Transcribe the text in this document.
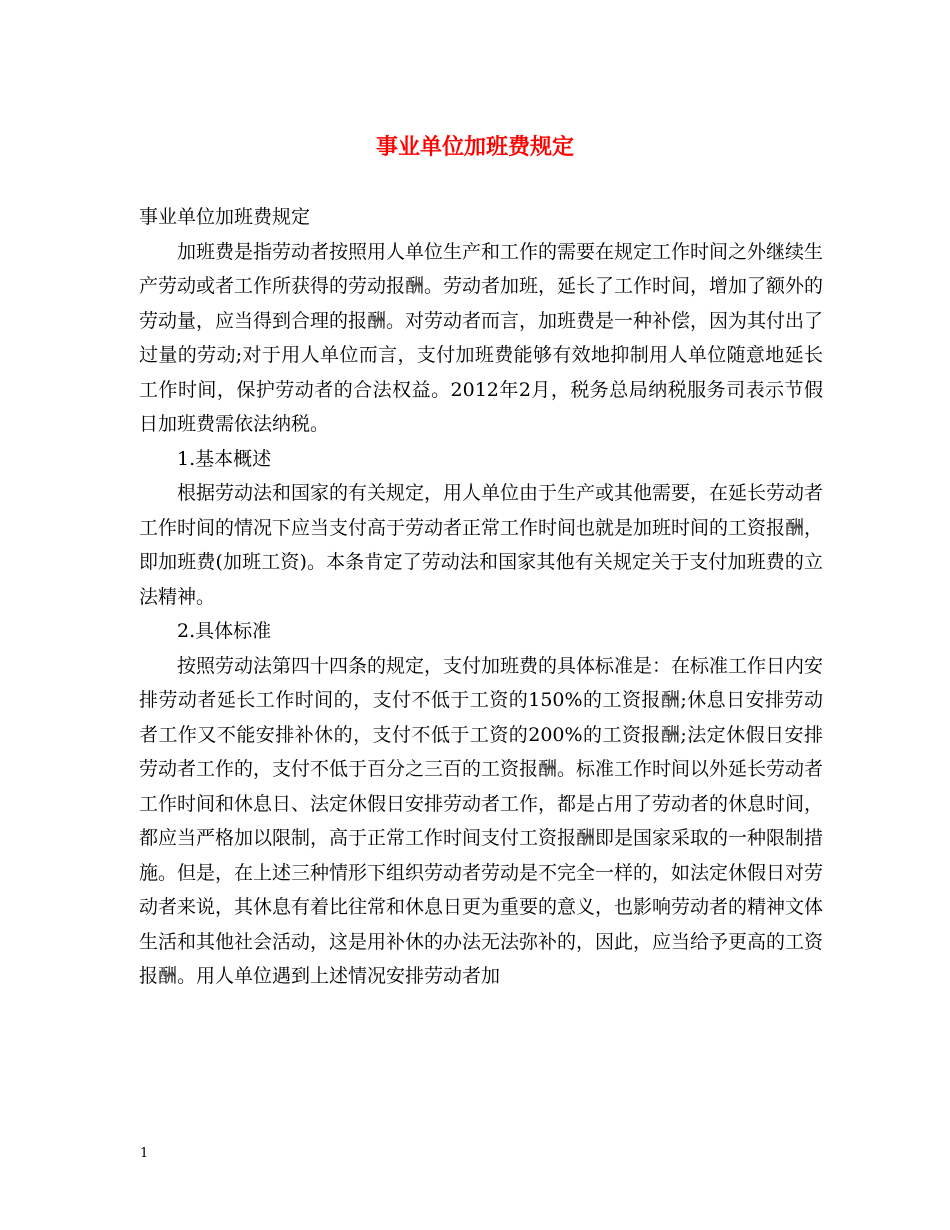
事业单位加班费规定

事业单位加班费规定

加班费是指劳动者按照用人单位生产和工作的需要在规定工作时间之外继续生产劳动或者工作所获得的劳动报酬。劳动者加班，延长了工作时间，增加了额外的劳动量，应当得到合理的报酬。对劳动者而言，加班费是一种补偿，因为其付出了过量的劳动;对于用人单位而言，支付加班费能够有效地抑制用人单位随意地延长工作时间，保护劳动者的合法权益。2012年2月，税务总局纳税服务司表示节假日加班费需依法纳税。

1.基本概述

根据劳动法和国家的有关规定，用人单位由于生产或其他需要，在延长劳动者工作时间的情况下应当支付高于劳动者正常工作时间也就是加班时间的工资报酬，即加班费(加班工资)。本条肯定了劳动法和国家其他有关规定关于支付加班费的立法精神。

2.具体标准

按照劳动法第四十四条的规定，支付加班费的具体标准是：在标准工作日内安排劳动者延长工作时间的，支付不低于工资的150%的工资报酬;休息日安排劳动者工作又不能安排补休的，支付不低于工资的200%的工资报酬;法定休假日安排劳动者工作的，支付不低于百分之三百的工资报酬。标准工作时间以外延长劳动者工作时间和休息日、法定休假日安排劳动者工作，都是占用了劳动者的休息时间，都应当严格加以限制，高于正常工作时间支付工资报酬即是国家采取的一种限制措施。但是，在上述三种情形下组织劳动者劳动是不完全一样的，如法定休假日对劳动者来说，其休息有着比往常和休息日更为重要的意义，也影响劳动者的精神文体生活和其他社会活动，这是用补休的办法无法弥补的，因此，应当给予更高的工资报酬。用人单位遇到上述情况安排劳动者加

1
